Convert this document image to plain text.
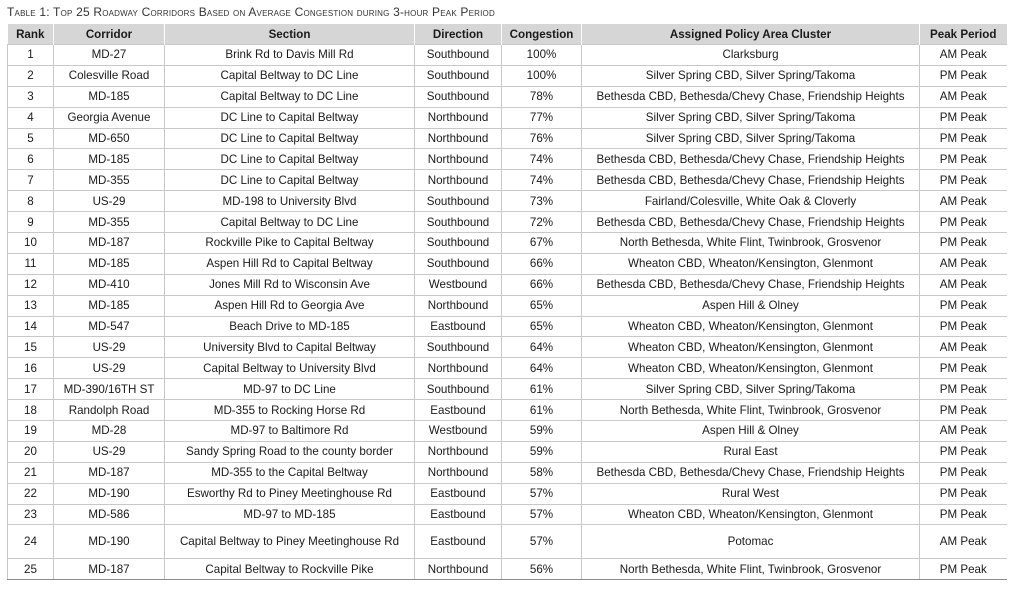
Table 1: Top 25 Roadway Corridors Based on Average Congestion during 3-hour Peak Period
Rank	Corridor	Section	Direction	Congestion	Assigned Policy Area Cluster	Peak Period
1	MD-27	Brink Rd to Davis Mill Rd	Southbound	100%	Clarksburg	AM Peak
2	Colesville Road	Capital Beltway to DC Line	Southbound	100%	Silver Spring CBD, Silver Spring/Takoma	PM Peak
3	MD-185	Capital Beltway to DC Line	Southbound	78%	Bethesda CBD, Bethesda/Chevy Chase, Friendship Heights	AM Peak
4	Georgia Avenue	DC Line to Capital Beltway	Northbound	77%	Silver Spring CBD, Silver Spring/Takoma	PM Peak
5	MD-650	DC Line to Capital Beltway	Northbound	76%	Silver Spring CBD, Silver Spring/Takoma	PM Peak
6	MD-185	DC Line to Capital Beltway	Northbound	74%	Bethesda CBD, Bethesda/Chevy Chase, Friendship Heights	PM Peak
7	MD-355	DC Line to Capital Beltway	Northbound	74%	Bethesda CBD, Bethesda/Chevy Chase, Friendship Heights	PM Peak
8	US-29	MD-198 to University Blvd	Southbound	73%	Fairland/Colesville, White Oak & Cloverly	AM Peak
9	MD-355	Capital Beltway to DC Line	Southbound	72%	Bethesda CBD, Bethesda/Chevy Chase, Friendship Heights	PM Peak
10	MD-187	Rockville Pike to Capital Beltway	Southbound	67%	North Bethesda, White Flint, Twinbrook, Grosvenor	PM Peak
11	MD-185	Aspen Hill Rd to Capital Beltway	Southbound	66%	Wheaton CBD, Wheaton/Kensington, Glenmont	AM Peak
12	MD-410	Jones Mill Rd to Wisconsin Ave	Westbound	66%	Bethesda CBD, Bethesda/Chevy Chase, Friendship Heights	AM Peak
13	MD-185	Aspen Hill Rd to Georgia Ave	Northbound	65%	Aspen Hill & Olney	PM Peak
14	MD-547	Beach Drive to MD-185	Eastbound	65%	Wheaton CBD, Wheaton/Kensington, Glenmont	PM Peak
15	US-29	University Blvd to Capital Beltway	Southbound	64%	Wheaton CBD, Wheaton/Kensington, Glenmont	AM Peak
16	US-29	Capital Beltway to University Blvd	Northbound	64%	Wheaton CBD, Wheaton/Kensington, Glenmont	PM Peak
17	MD-390/16TH ST	MD-97 to DC Line	Southbound	61%	Silver Spring CBD, Silver Spring/Takoma	PM Peak
18	Randolph Road	MD-355 to Rocking Horse Rd	Eastbound	61%	North Bethesda, White Flint, Twinbrook, Grosvenor	PM Peak
19	MD-28	MD-97 to Baltimore Rd	Westbound	59%	Aspen Hill & Olney	AM Peak
20	US-29	Sandy Spring Road to the county border	Northbound	59%	Rural East	PM Peak
21	MD-187	MD-355 to the Capital Beltway	Northbound	58%	Bethesda CBD, Bethesda/Chevy Chase, Friendship Heights	PM Peak
22	MD-190	Esworthy Rd to Piney Meetinghouse Rd	Eastbound	57%	Rural West	PM Peak
23	MD-586	MD-97 to MD-185	Eastbound	57%	Wheaton CBD, Wheaton/Kensington, Glenmont	PM Peak
24	MD-190	Capital Beltway to Piney Meetinghouse Rd	Eastbound	57%	Potomac	AM Peak
25	MD-187	Capital Beltway to Rockville Pike	Northbound	56%	North Bethesda, White Flint, Twinbrook, Grosvenor	PM Peak
